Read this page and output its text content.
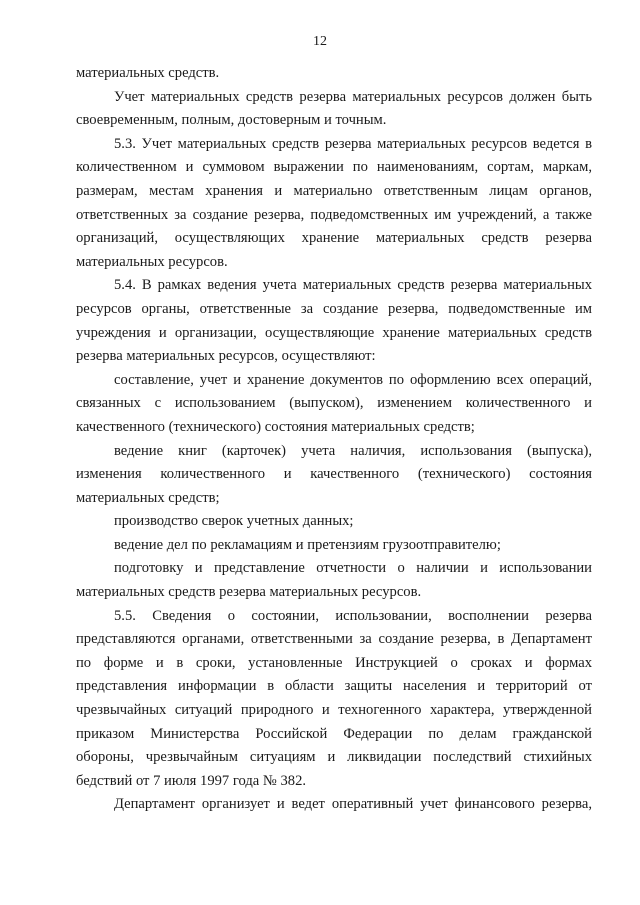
12
материальных средств.
Учет материальных средств резерва материальных ресурсов должен быть
своевременным, полным, достоверным и точным.
5.3. Учет материальных средств резерва материальных ресурсов ведется в
количественном и суммовом выражении по наименованиям, сортам, маркам,
размерам, местам хранения и материально ответственным лицам органов,
ответственных за создание резерва, подведомственных им учреждений, а также
организаций, осуществляющих хранение материальных средств резерва
материальных ресурсов.
5.4. В рамках ведения учета материальных средств резерва материальных
ресурсов органы, ответственные за создание резерва, подведомственные им
учреждения и организации, осуществляющие хранение материальных средств
резерва материальных ресурсов, осуществляют:
составление, учет и хранение документов по оформлению всех операций,
связанных с использованием (выпуском), изменением количественного и
качественного (технического) состояния материальных средств;
ведение книг (карточек) учета наличия, использования (выпуска),
изменения количественного и качественного (технического) состояния
материальных средств;
производство сверок учетных данных;
ведение дел по рекламациям и претензиям грузоотправителю;
подготовку и представление отчетности о наличии и использовании
материальных средств резерва материальных ресурсов.
5.5. Сведения о состоянии, использовании, восполнении резерва
представляются органами, ответственными за создание резерва, в Департамент
по форме и в сроки, установленные Инструкцией о сроках и формах
представления информации в области защиты населения и территорий от
чрезвычайных ситуаций природного и техногенного характера, утвержденной
приказом Министерства Российской Федерации по делам гражданской
обороны, чрезвычайным ситуациям и ликвидации последствий стихийных
бедствий от 7 июля 1997 года № 382.
Департамент организует и ведет оперативный учет финансового резерва,
